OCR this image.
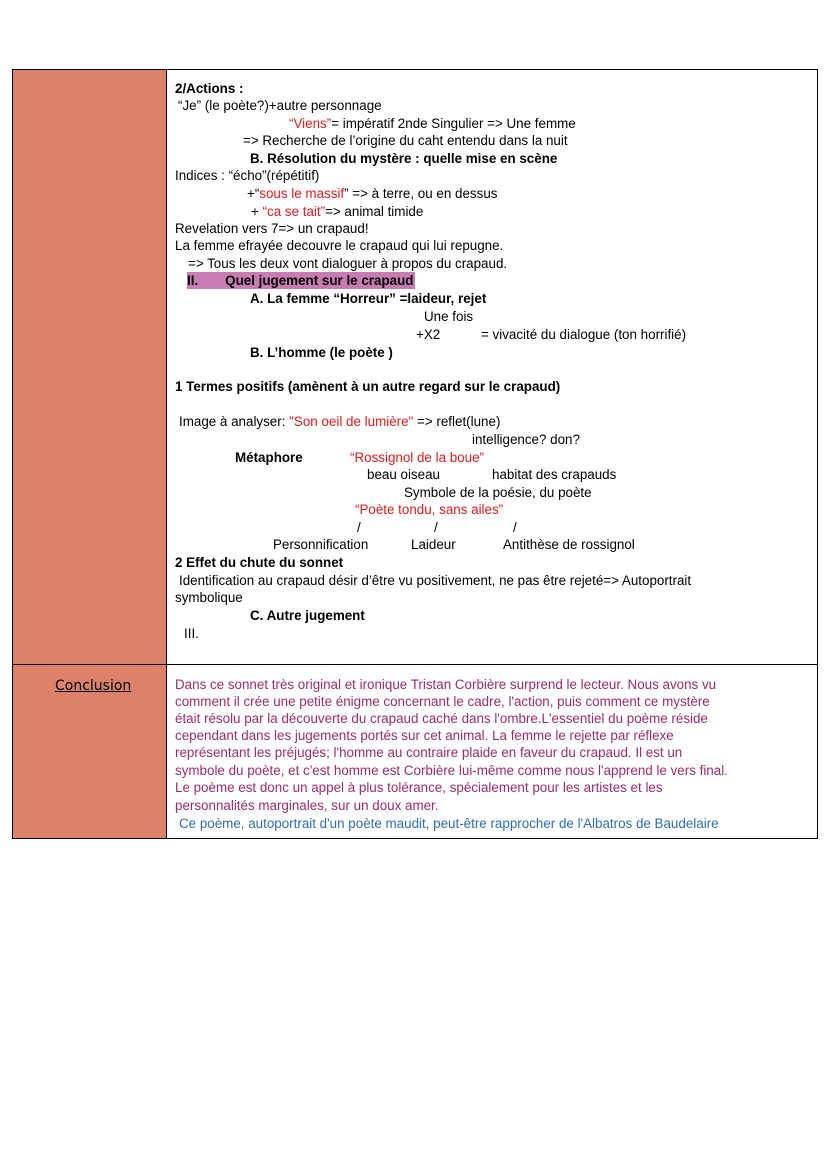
2/Actions :
“Je” (le poète?)+autre personnage
“Viens”= impératif 2nde Singulier => Une femme
=> Recherche de l’origine du caht entendu dans la nuit
B. Résolution du mystère : quelle mise en scène
Indices : “écho”(répétitif)
+“sous le massif” => à terre, ou en dessus
+ “ca se tait”=> animal timide
Revelation vers 7=> un crapaud!
La femme efrayée decouvre le crapaud qui lui repugne.
=> Tous les deux vont dialoguer à propos du crapaud.
II. Quel jugement sur le crapaud
A. La femme “Horreur” =laideur, rejet
Une fois
+X2	= vivacité du dialogue (ton horrifié)
B. L’homme (le poète )
1 Termes positifs (amènent à un autre regard sur le crapaud)
Image à analyser: "Son oeil de lumière" => reflet(lune)
intelligence? don?
Métaphore	“Rossignol de la boue”
beau oiseau	habitat des crapauds
Symbole de la poésie, du poète
“Poète tondu, sans ailes”
/	/	/
Personnification	Laideur	Antithèse de rossignol
2 Effet du chute du sonnet
Identification au crapaud désir d’être vu positivement, ne pas être rejeté=> Autoportrait
symbolique
C. Autre jugement
III.
Conclusion	Dans ce sonnet très original et ironique Tristan Corbière surprend le lecteur. Nous avons vu
comment il crée une petite énigme concernant le cadre, l'action, puis comment ce mystère
était résolu par la découverte du crapaud caché dans l'ombre.L'essentiel du poème réside
cependant dans les jugements portés sur cet animal. La femme le rejette par réflexe
représentant les préjugés; l'homme au contraire plaide en faveur du crapaud. Il est un
symbole du poète, et c'est homme est Corbière lui-même comme nous l'apprend le vers final.
Le poème est donc un appel à plus tolérance, spécialement pour les artistes et les
personnalités marginales, sur un doux amer.
Ce poème, autoportrait d'un poète maudit, peut-être rapprocher de l'Albatros de Baudelaire
